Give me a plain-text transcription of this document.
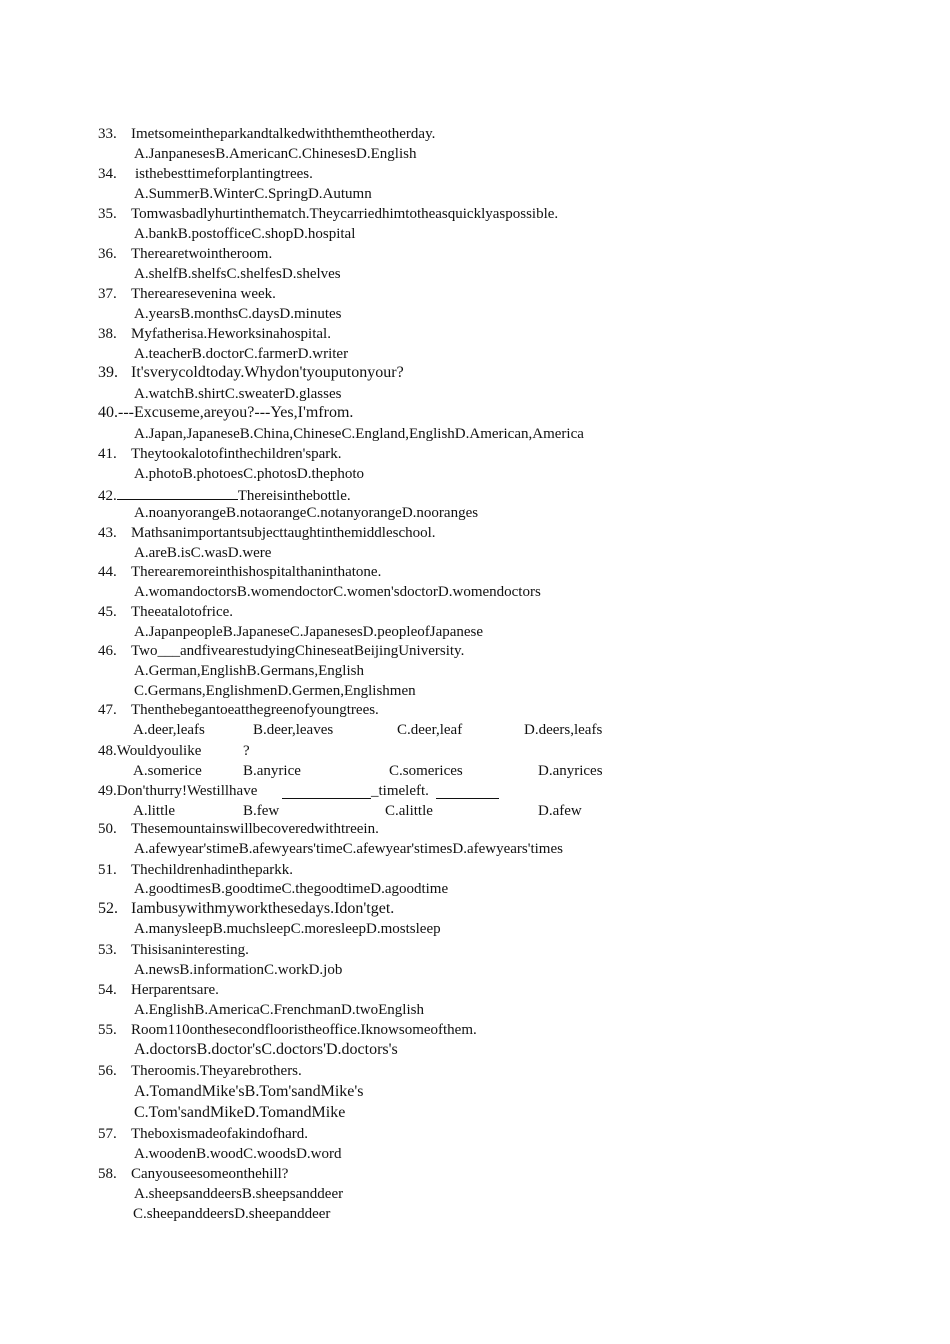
33. Imetsomeintheparkandtalkedwiththemtheotherday.
A.JanpanesesB.AmericanC.ChinesesD.English
34. isthebesttimeforplantingtrees.
A.SummerB.WinterC.SpringD.Autumn
35. Tomwasbadlyhurtinthematch.Theycarriedhimtotheasquicklyaspossible.
A.bankB.postofficeC.shopD.hospital
36. Therearetwointheroom.
A.shelfB.shelfsC.shelfesD.shelves
37. Therearesevenina week.
A.yearsB.monthsC.daysD.minutes
38. Myfatherisa.Heworksinahospital.
A.teacherB.doctorC.farmerD.writer
39. It'sverycoldtoday.Whydon'tyouputonyour?
A.watchB.shirtC.sweaterD.glasses
40.---Excuseme,areyou?---Yes,I'mfrom.
A.Japan,JapaneseB.China,ChineseC.England,EnglishD.American,America
41. Theytookalotofinthechildren'spark.
A.photoB.photoesC.photosD.thephoto
42.	Thereisinthebottle.
A.noanyorangeB.notaorangeC.notanyorangeD.nooranges
43. Mathsanimportantsubjecttaughtinthemiddleschool.
A.areB.isC.wasD.were
44. Therearemoreinthishospitalthaninthatone.
A.womandoctorsB.womendoctorC.women'sdoctorD.womendoctors
45. Theeatalotofrice.
A.JapanpeopleB.JapaneseC.JapanesesD.peopleofJapanese
46. Two___andfivearestudyingChineseatBeijingUniversity.
A.German,EnglishB.Germans,English
C.Germans,EnglishmenD.Germen,Englishmen
47. Thenthebegantoeatthegreenofyoungtrees.
A.deer,leafs	B.deer,leaves	C.deer,leaf	D.deers,leafs
48.Wouldyoulike	?
A.somerice	B.anyrice	C.somerices	D.anyrices
49.Don'thurry!Westillhave	_timeleft.
A.little	B.few	C.alittle	D.afew
50. Thesemountainswillbecoveredwithtreein.
A.afewyear'stimeB.afewyears'timeC.afewyear'stimesD.afewyears'times
51. Thechildrenhadintheparkk.
A.goodtimesB.goodtimeC.thegoodtimeD.agoodtime
52. Iambusywithmyworkthesedays.Idon'tget.
A.manysleepB.muchsleepC.moresleepD.mostsleep
53. Thisisaninteresting.
A.newsB.informationC.workD.job
54. Herparentsare.
A.EnglishB.AmericaC.FrenchmanD.twoEnglish
55. Room110onthesecondflooristheoffice.Iknowsomeofthem.
A.doctorsB.doctor'sC.doctors'D.doctors's
56. Theroomis.Theyarebrothers.
A.TomandMike'sB.Tom'sandMike's
C.Tom'sandMikeD.TomandMike
57. Theboxismadeofakindofhard.
A.woodenB.woodC.woodsD.word
58. Canyouseesomeonthehill?
A.sheepsanddeersB.sheepsanddeer
C.sheepanddeersD.sheepanddeer
